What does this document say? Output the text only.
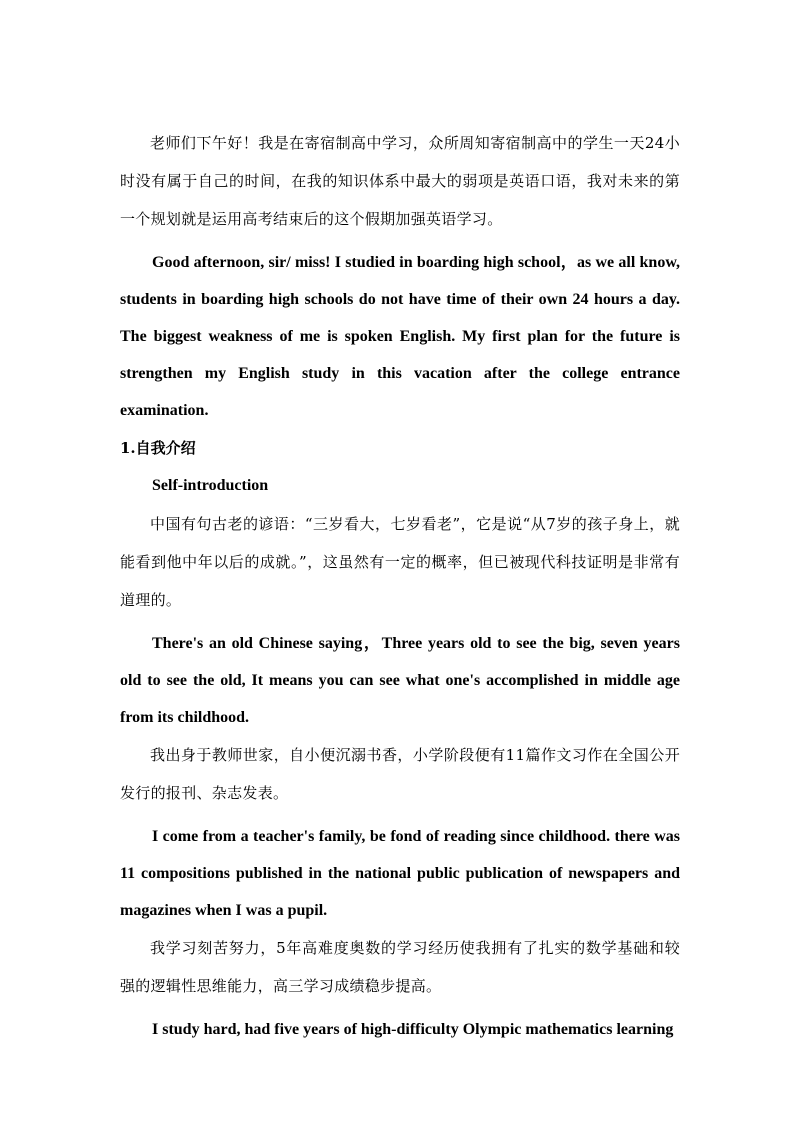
老师们下午好！我是在寄宿制高中学习，众所周知寄宿制高中的学生一天24小时没有属于自己的时间，在我的知识体系中最大的弱项是英语口语，我对未来的第一个规划就是运用高考结束后的这个假期加强英语学习。

Good afternoon, sir/ miss! I studied in boarding high school，as we all know, students in boarding high schools do not have time of their own 24 hours a day. The biggest weakness of me is spoken English. My first plan for the future is strengthen my English study in this vacation after the college entrance examination.

1.自我介绍

Self-introduction

中国有句古老的谚语：“三岁看大，七岁看老”，它是说“从7岁的孩子身上，就能看到他中年以后的成就。”，这虽然有一定的概率，但已被现代科技证明是非常有道理的。

There's an old Chinese saying，Three years old to see the big, seven years old to see the old, It means you can see what one's accomplished in middle age from its childhood.

我出身于教师世家，自小便沉溺书香，小学阶段便有11篇作文习作在全国公开发行的报刊、杂志发表。

I come from a teacher's family, be fond of reading since childhood. there was 11 compositions published in the national public publication of newspapers and magazines when I was a pupil.

我学习刻苦努力，5年高难度奥数的学习经历使我拥有了扎实的数学基础和较强的逻辑性思维能力，高三学习成绩稳步提高。

I study hard, had five years of high-difficulty Olympic mathematics learning
